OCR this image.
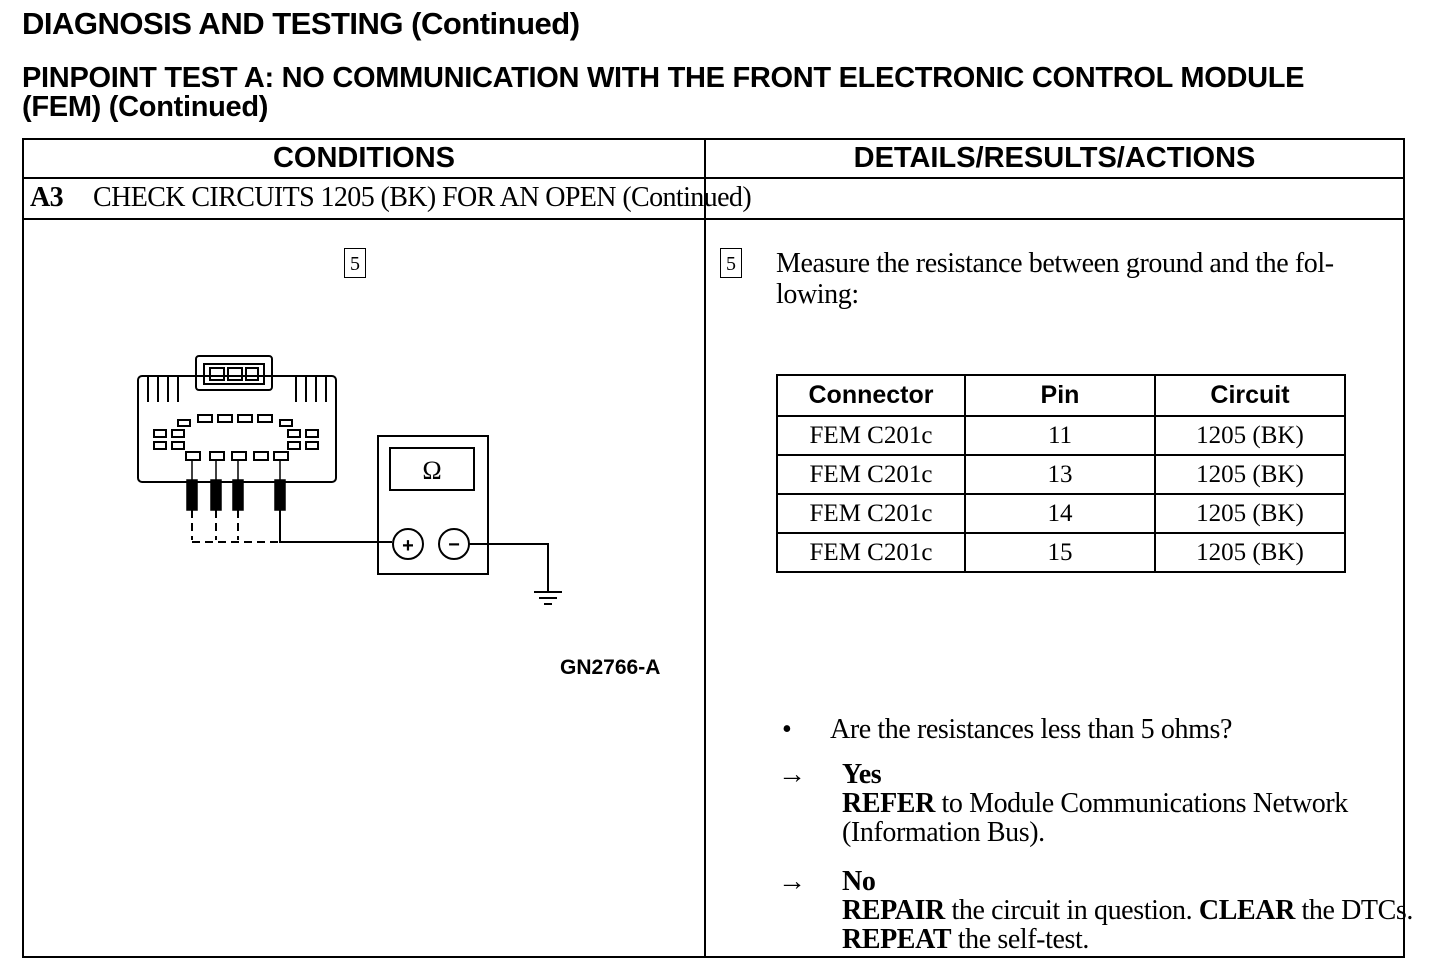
DIAGNOSIS AND TESTING (Continued)
PINPOINT TEST A: NO COMMUNICATION WITH THE FRONT ELECTRONIC CONTROL MODULE (FEM) (Continued)
CONDITIONS	DETAILS/RESULTS/ACTIONS
A3 CHECK CIRCUITS 1205 (BK) FOR AN OPEN (Continued)
5
Ω
+ −
GN2766-A
5 Measure the resistance between ground and the fol-lowing:
Connector	Pin	Circuit
FEM C201c	11	1205 (BK)
FEM C201c	13	1205 (BK)
FEM C201c	14	1205 (BK)
FEM C201c	15	1205 (BK)
• Are the resistances less than 5 ohms?
→ Yes
REFER to Module Communications Network (Information Bus).
→ No
REPAIR the circuit in question. CLEAR the DTCs. REPEAT the self-test.
